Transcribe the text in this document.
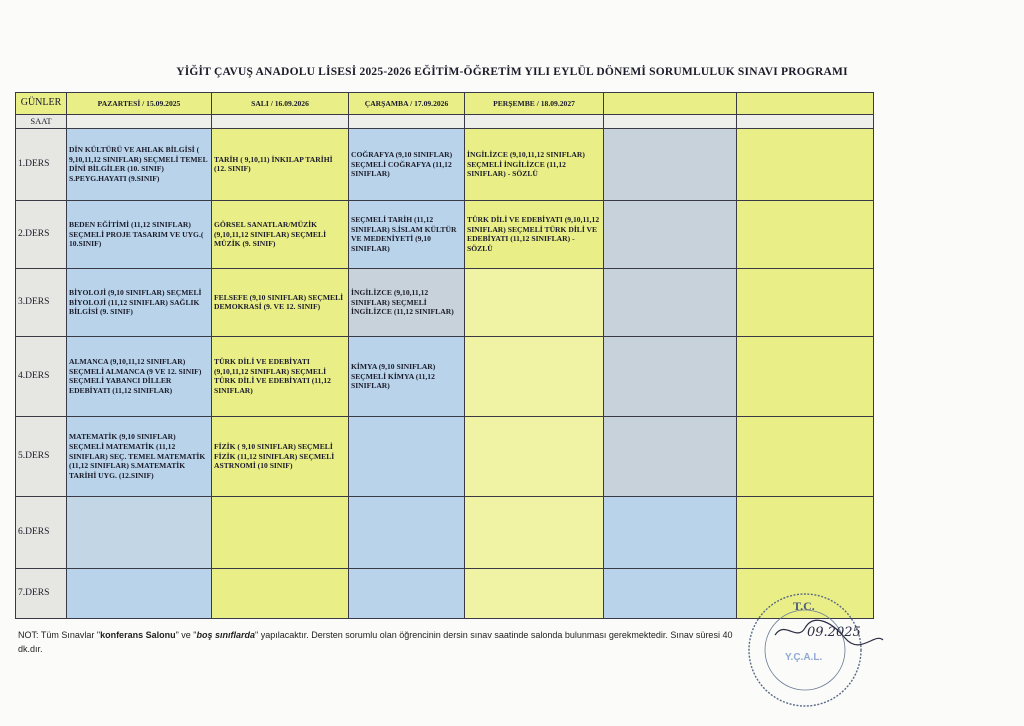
YİĞİT ÇAVUŞ ANADOLU LİSESİ 2025-2026 EĞİTİM-ÖĞRETİM YILI EYLÜL DÖNEMİ SORUMLULUK SINAVI PROGRAMI
GÜNLER	PAZARTESİ / 15.09.2025	SALI / 16.09.2026	ÇARŞAMBA / 17.09.2026	PERŞEMBE / 18.09.2027		
SAAT						
1.DERS	DİN KÜLTÜRÜ VE AHLAK BİLGİSİ ( 9,10,11,12 SINIFLAR) SEÇMELİ TEMEL DİNİ BİLGİLER (10. SINIF) S.PEYG.HAYATI (9.SINIF)	TARİH ( 9,10,11) İNKILAP TARİHİ (12. SINIF)	COĞRAFYA (9,10 SINIFLAR) SEÇMELİ COĞRAFYA (11,12 SINIFLAR)	İNGİLİZCE (9,10,11,12 SINIFLAR) SEÇMELİ İNGİLİZCE (11,12 SINIFLAR) - SÖZLÜ		
2.DERS	BEDEN EĞİTİMİ (11,12 SINIFLAR) SEÇMELİ PROJE TASARIM VE UYG.( 10.SINIF)	GÖRSEL SANATLAR/MÜZİK (9,10,11,12 SINIFLAR) SEÇMELİ MÜZİK (9. SINIF)	SEÇMELİ TARİH (11,12 SINIFLAR) S.İSLAM KÜLTÜR VE MEDENİYETİ (9,10 SINIFLAR)	TÜRK DİLİ VE EDEBİYATI (9,10,11,12 SINIFLAR) SEÇMELİ TÜRK DİLİ VE EDEBİYATI (11,12 SINIFLAR) - SÖZLÜ		
3.DERS	BİYOLOJİ (9,10 SINIFLAR) SEÇMELİ BİYOLOJİ (11,12 SINIFLAR) SAĞLIK BİLGİSİ (9. SINIF)	FELSEFE (9,10 SINIFLAR) SEÇMELİ DEMOKRASİ (9. VE 12. SINIF)	İNGİLİZCE (9,10,11,12 SINIFLAR) SEÇMELİ İNGİLİZCE (11,12 SINIFLAR)			
4.DERS	ALMANCA (9,10,11,12 SINIFLAR) SEÇMELİ ALMANCA (9 VE 12. SINIF) SEÇMELİ YABANCI DİLLER EDEBİYATI (11,12 SINIFLAR)	TÜRK DİLİ VE EDEBİYATI (9,10,11,12 SINIFLAR) SEÇMELİ TÜRK DİLİ VE EDEBİYATI (11,12 SINIFLAR)	KİMYA (9,10 SINIFLAR) SEÇMELİ KİMYA (11,12 SINIFLAR)			
5.DERS	MATEMATİK (9,10 SINIFLAR) SEÇMELİ MATEMATİK (11,12 SINIFLAR) SEÇ. TEMEL MATEMATİK (11,12 SINIFLAR) S.MATEMATİK TARİHİ UYG. (12.SINIF)	FİZİK ( 9,10 SINIFLAR) SEÇMELİ FİZİK (11,12 SINIFLAR) SEÇMELİ ASTRNOMİ (10 SINIF)				
6.DERS						
7.DERS						
NOT: Tüm Sınavlar "konferans Salonu" ve "boş sınıflarda" yapılacaktır. Dersten sorumlu olan öğrencinin dersin sınav saatinde salonda bulunması gerekmektedir. Sınav süresi 40 dk.dır.
T.C.
Y.Ç.A.L.
09.2025
